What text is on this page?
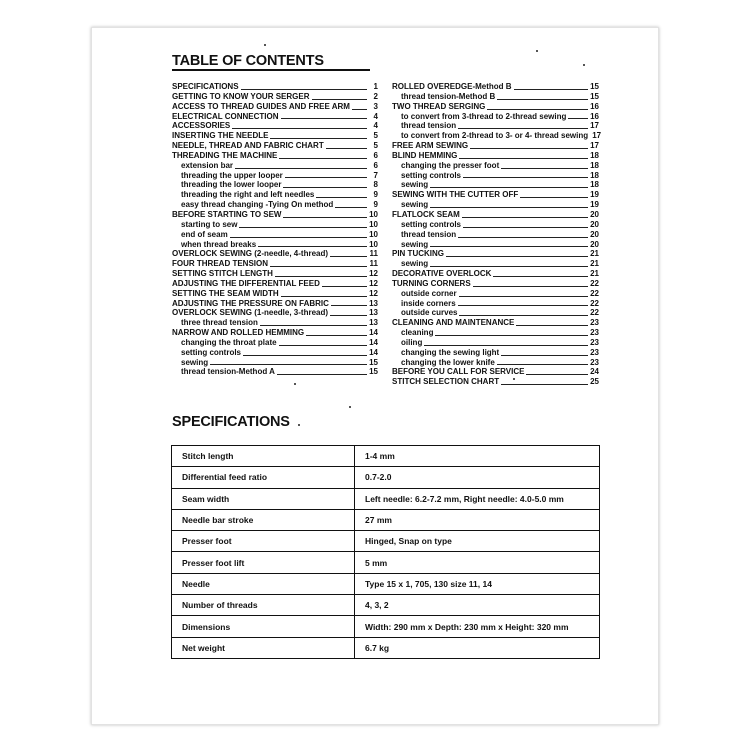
TABLE OF CONTENTS
SPECIFICATIONS	1
GETTING TO KNOW YOUR SERGER	2
ACCESS TO THREAD GUIDES AND FREE ARM	3
ELECTRICAL CONNECTION	4
ACCESSORIES	4
INSERTING THE NEEDLE	5
NEEDLE, THREAD AND FABRIC CHART	5
THREADING THE MACHINE	6
extension bar	6
threading the upper looper	7
threading the lower looper	8
threading the right and left needles	9
easy thread changing -Tying On method	9
BEFORE STARTING TO SEW	10
starting to sew	10
end of seam	10
when thread breaks	10
OVERLOCK SEWING (2-needle, 4-thread)	11
FOUR THREAD TENSION	11
SETTING STITCH LENGTH	12
ADJUSTING THE DIFFERENTIAL FEED	12
SETTING THE SEAM WIDTH	12
ADJUSTING THE PRESSURE ON FABRIC	13
OVERLOCK SEWING (1-needle, 3-thread)	13
three thread tension	13
NARROW AND ROLLED HEMMING	14
changing the throat plate	14
setting controls	14
sewing	15
thread tension-Method A	15
ROLLED OVEREDGE-Method B	15
thread tension-Method B	15
TWO THREAD SERGING	16
to convert from 3-thread to 2-thread sewing	16
thread tension	17
to convert from 2-thread to 3- or 4- thread sewing 17
FREE ARM SEWING	17
BLIND HEMMING	18
changing the presser foot	18
setting controls	18
sewing	18
SEWING WITH THE CUTTER OFF	19
sewing	19
FLATLOCK SEAM	20
setting controls	20
thread tension	20
sewing	20
PIN TUCKING	21
sewing	21
DECORATIVE OVERLOCK	21
TURNING CORNERS	22
outside corner	22
inside corners	22
outside curves	22
CLEANING AND MAINTENANCE	23
cleaning	23
oiling	23
changing the sewing light	23
changing the lower knife	23
BEFORE YOU CALL FOR SERVICE	24
STITCH SELECTION CHART	25
SPECIFICATIONS
Stitch length	1-4 mm
Differential feed ratio	0.7-2.0
Seam width	Left needle: 6.2-7.2 mm, Right needle: 4.0-5.0 mm
Needle bar stroke	27 mm
Presser foot	Hinged, Snap on type
Presser foot lift	5 mm
Needle	Type 15 x 1, 705, 130 size 11, 14
Number of threads	4, 3, 2
Dimensions	Width: 290 mm x Depth: 230 mm x Height: 320 mm
Net weight	6.7 kg
